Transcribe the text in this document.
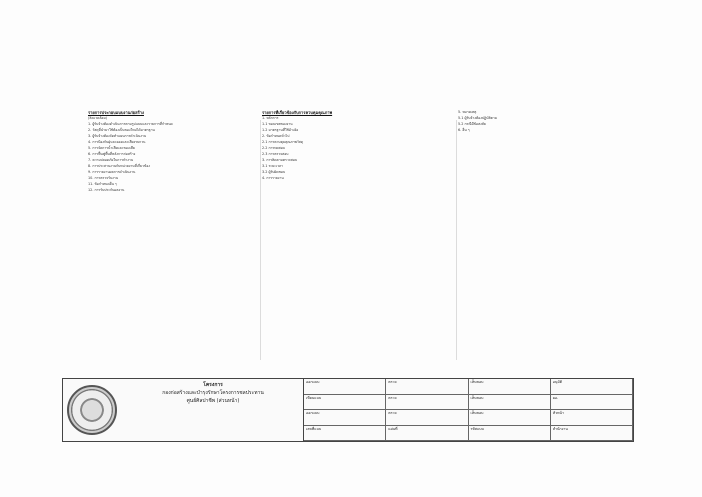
รายการประกอบแบบงานก่อสร้าง

(สิ่งแวดล้อม)

1. ผู้รับจ้างต้องดำเนินการตามรูปแบบและรายการที่กำหนด

2. วัสดุที่นำมาใช้ต้องเป็นของใหม่ได้มาตรฐาน

3. ผู้รับจ้างต้องจัดทำแผนการดำเนินงาน

4. การป้องกันฝุ่นละอองและเสียงรบกวน

5. การจัดการน้ำเสียและของเสีย

6. การฟื้นฟูพื้นที่หลังการก่อสร้าง

7. ความปลอดภัยในการทำงาน

8. การประสานงานกับหน่วยงานที่เกี่ยวข้อง

9. การรายงานผลการดำเนินงาน

10. การตรวจรับงาน

11. ข้อกำหนดอื่น ๆ

12. การรับประกันผลงาน

รายการที่เกี่ยวข้องกับการควบคุมคุณภาพ

1. หลักการ

1.1 ขอบเขตของงาน

1.2 มาตรฐานที่ใช้อ้างอิง

2. ข้อกำหนดทั่วไป

2.1 การควบคุมคุณภาพวัสดุ

2.2 การทดสอบ

2.3 การตรวจสอบ

3. การติดตามตรวจสอบ

3.1 ระยะเวลา

3.2 ผู้รับผิดชอบ

4. การรายงาน

5. หมายเหตุ

5.1 ผู้รับจ้างต้องปฏิบัติตาม

5.2 กรณีมีข้อสงสัย

6. อื่น ๆ

โครงการ
กองก่อสร้างและบำรุงรักษาโครงการชลประทาน
ศูนย์ศิลปาชีพ (ส่วนหน้า)
ออกแบบ	ตรวจ	เห็นชอบ	อนุมัติ
เขียนแบบ	ตรวจ	เห็นชอบ	ผอ.
ออกแบบ	ตรวจ	เห็นชอบ	หัวหน้า
เลขที่แบบ	แผ่นที่	รหัสแบบ	สำนักงาน
